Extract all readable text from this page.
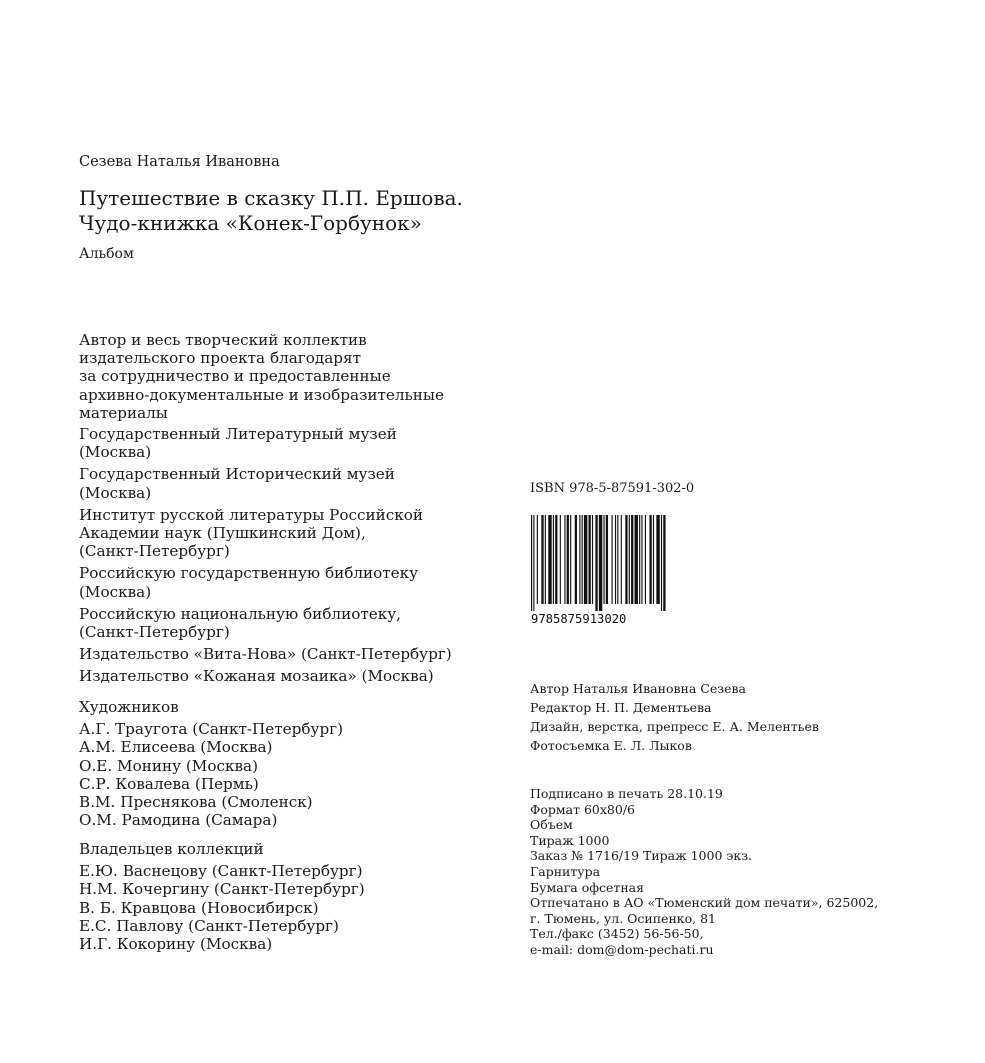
Сезева Наталья Ивановна
Путешествие в сказку П.П. Ершова.
Чудо-книжка «Конек-Горбунок»
Альбом

Автор и весь творческий коллектив

издательского проекта благодарят

за сотрудничество и предоставленные

архивно-документальные и изобразительные

материалы

Государственный Литературный музей
(Москва)

Государственный Исторический музей
(Москва)

Институт русской литературы Российской
Академии наук (Пушкинский Дом),
(Санкт-Петербург)

Российскую государственную библиотеку
(Москва)

Российскую национальную библиотеку,
(Санкт-Петербург)

Издательство «Вита-Нова» (Санкт-Петербург)

Издательство «Кожаная мозаика» (Москва)

Художников

А.Г. Траугота (Санкт-Петербург)

А.М. Елисеева (Москва)

О.Е. Монину (Москва)

С.Р. Ковалева (Пермь)

В.М. Преснякова (Смоленск)

О.М. Рамодина (Самара)

Владельцев коллекций

Е.Ю. Васнецову (Санкт-Петербург)

Н.М. Кочергину (Санкт-Петербург)

В. Б. Кравцова (Новосибирск)

Е.С. Павлову (Санкт-Петербург)

И.Г. Кокорину (Москва)

ISBN 978-5-87591-302-0
9785875913020
Автор Наталья Ивановна Сезева
Редактор Н. П. Дементьева
Дизайн, верстка, препресс Е. А. Мелентьев
Фотосъемка Е. Л. Лыков
Подписано в печать 28.10.19
Формат 60х80/6
Объем
Тираж 1000
Заказ № 1716/19 Тираж 1000 экз.
Гарнитура
Бумага офсетная
Отпечатано в АО «Тюменский дом печати», 625002,
г. Тюмень, ул. Осипенко, 81
Тел./факс (3452) 56-56-50,
e-mail: dom@dom-pechati.ru
